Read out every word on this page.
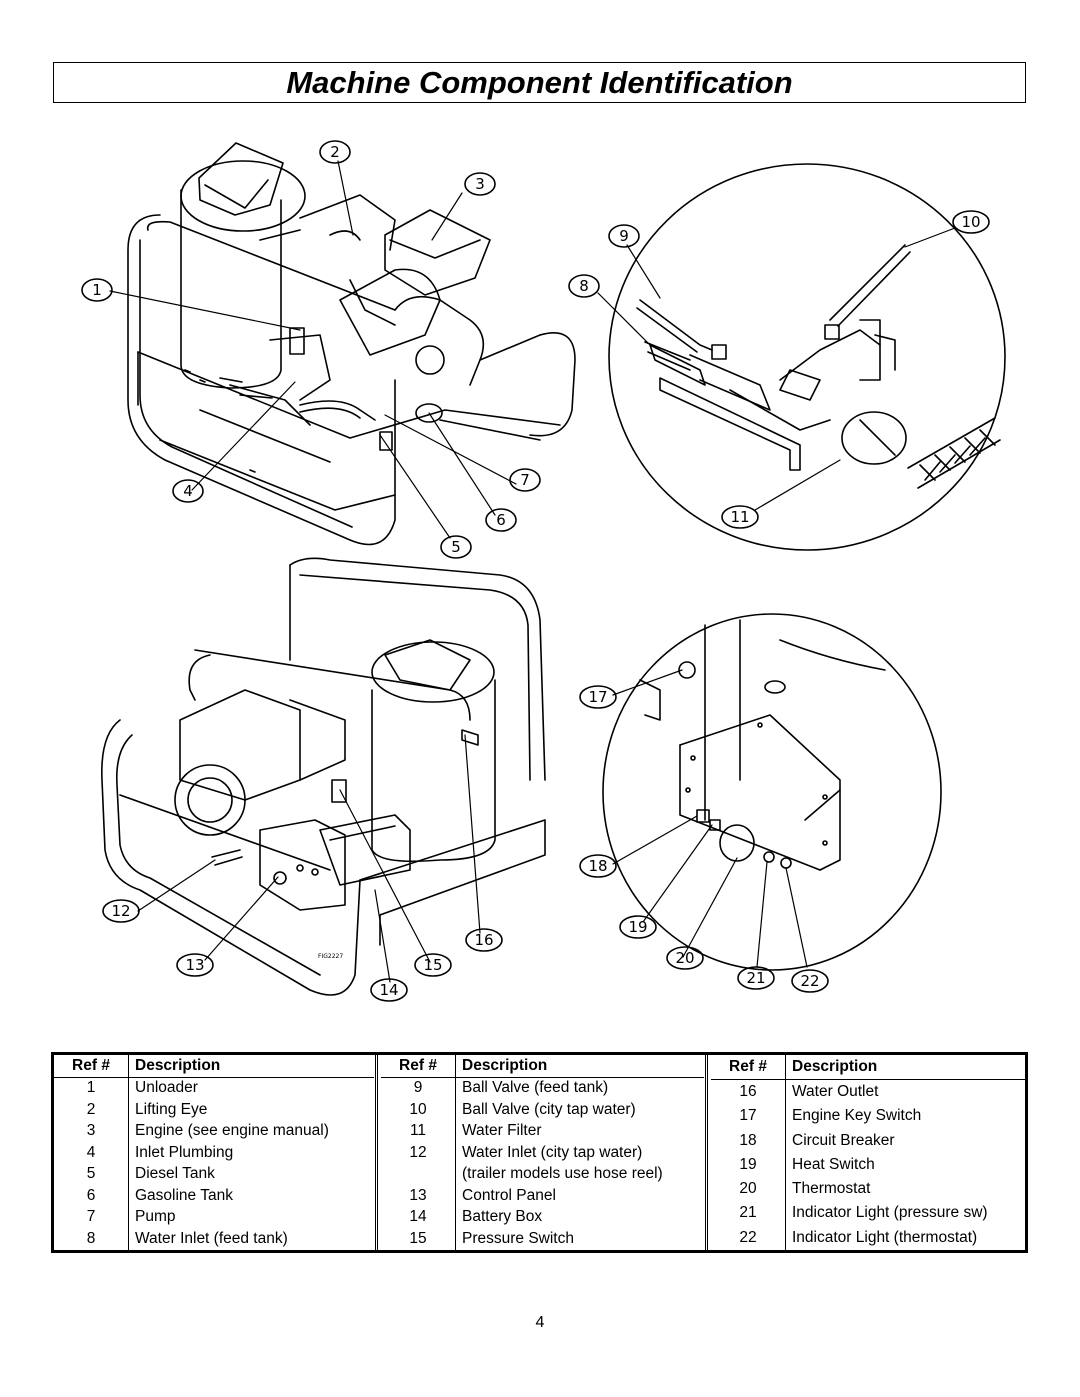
Machine Component Identification
1
2
3
4
5
6
7
8
9
10
11
12
13
14
15
16
17
18
19
20
21 22
FIG2227
Ref #	Description
1	Unloader
2	Lifting Eye
3	Engine (see engine manual)
4	Inlet Plumbing
5	Diesel Tank
6	Gasoline Tank
7	Pump
8	Water Inlet (feed tank)
Ref #	Description
9	Ball Valve (feed tank)
10	Ball Valve (city tap water)
11	Water Filter
12	Water Inlet (city tap water)
	(trailer models use hose reel)
13	Control Panel
14	Battery Box
15	Pressure Switch
Ref #	Description
16	Water Outlet
17	Engine Key Switch
18	Circuit Breaker
19	Heat Switch
20	Thermostat
21	Indicator Light (pressure sw)
22	Indicator Light (thermostat)

4
